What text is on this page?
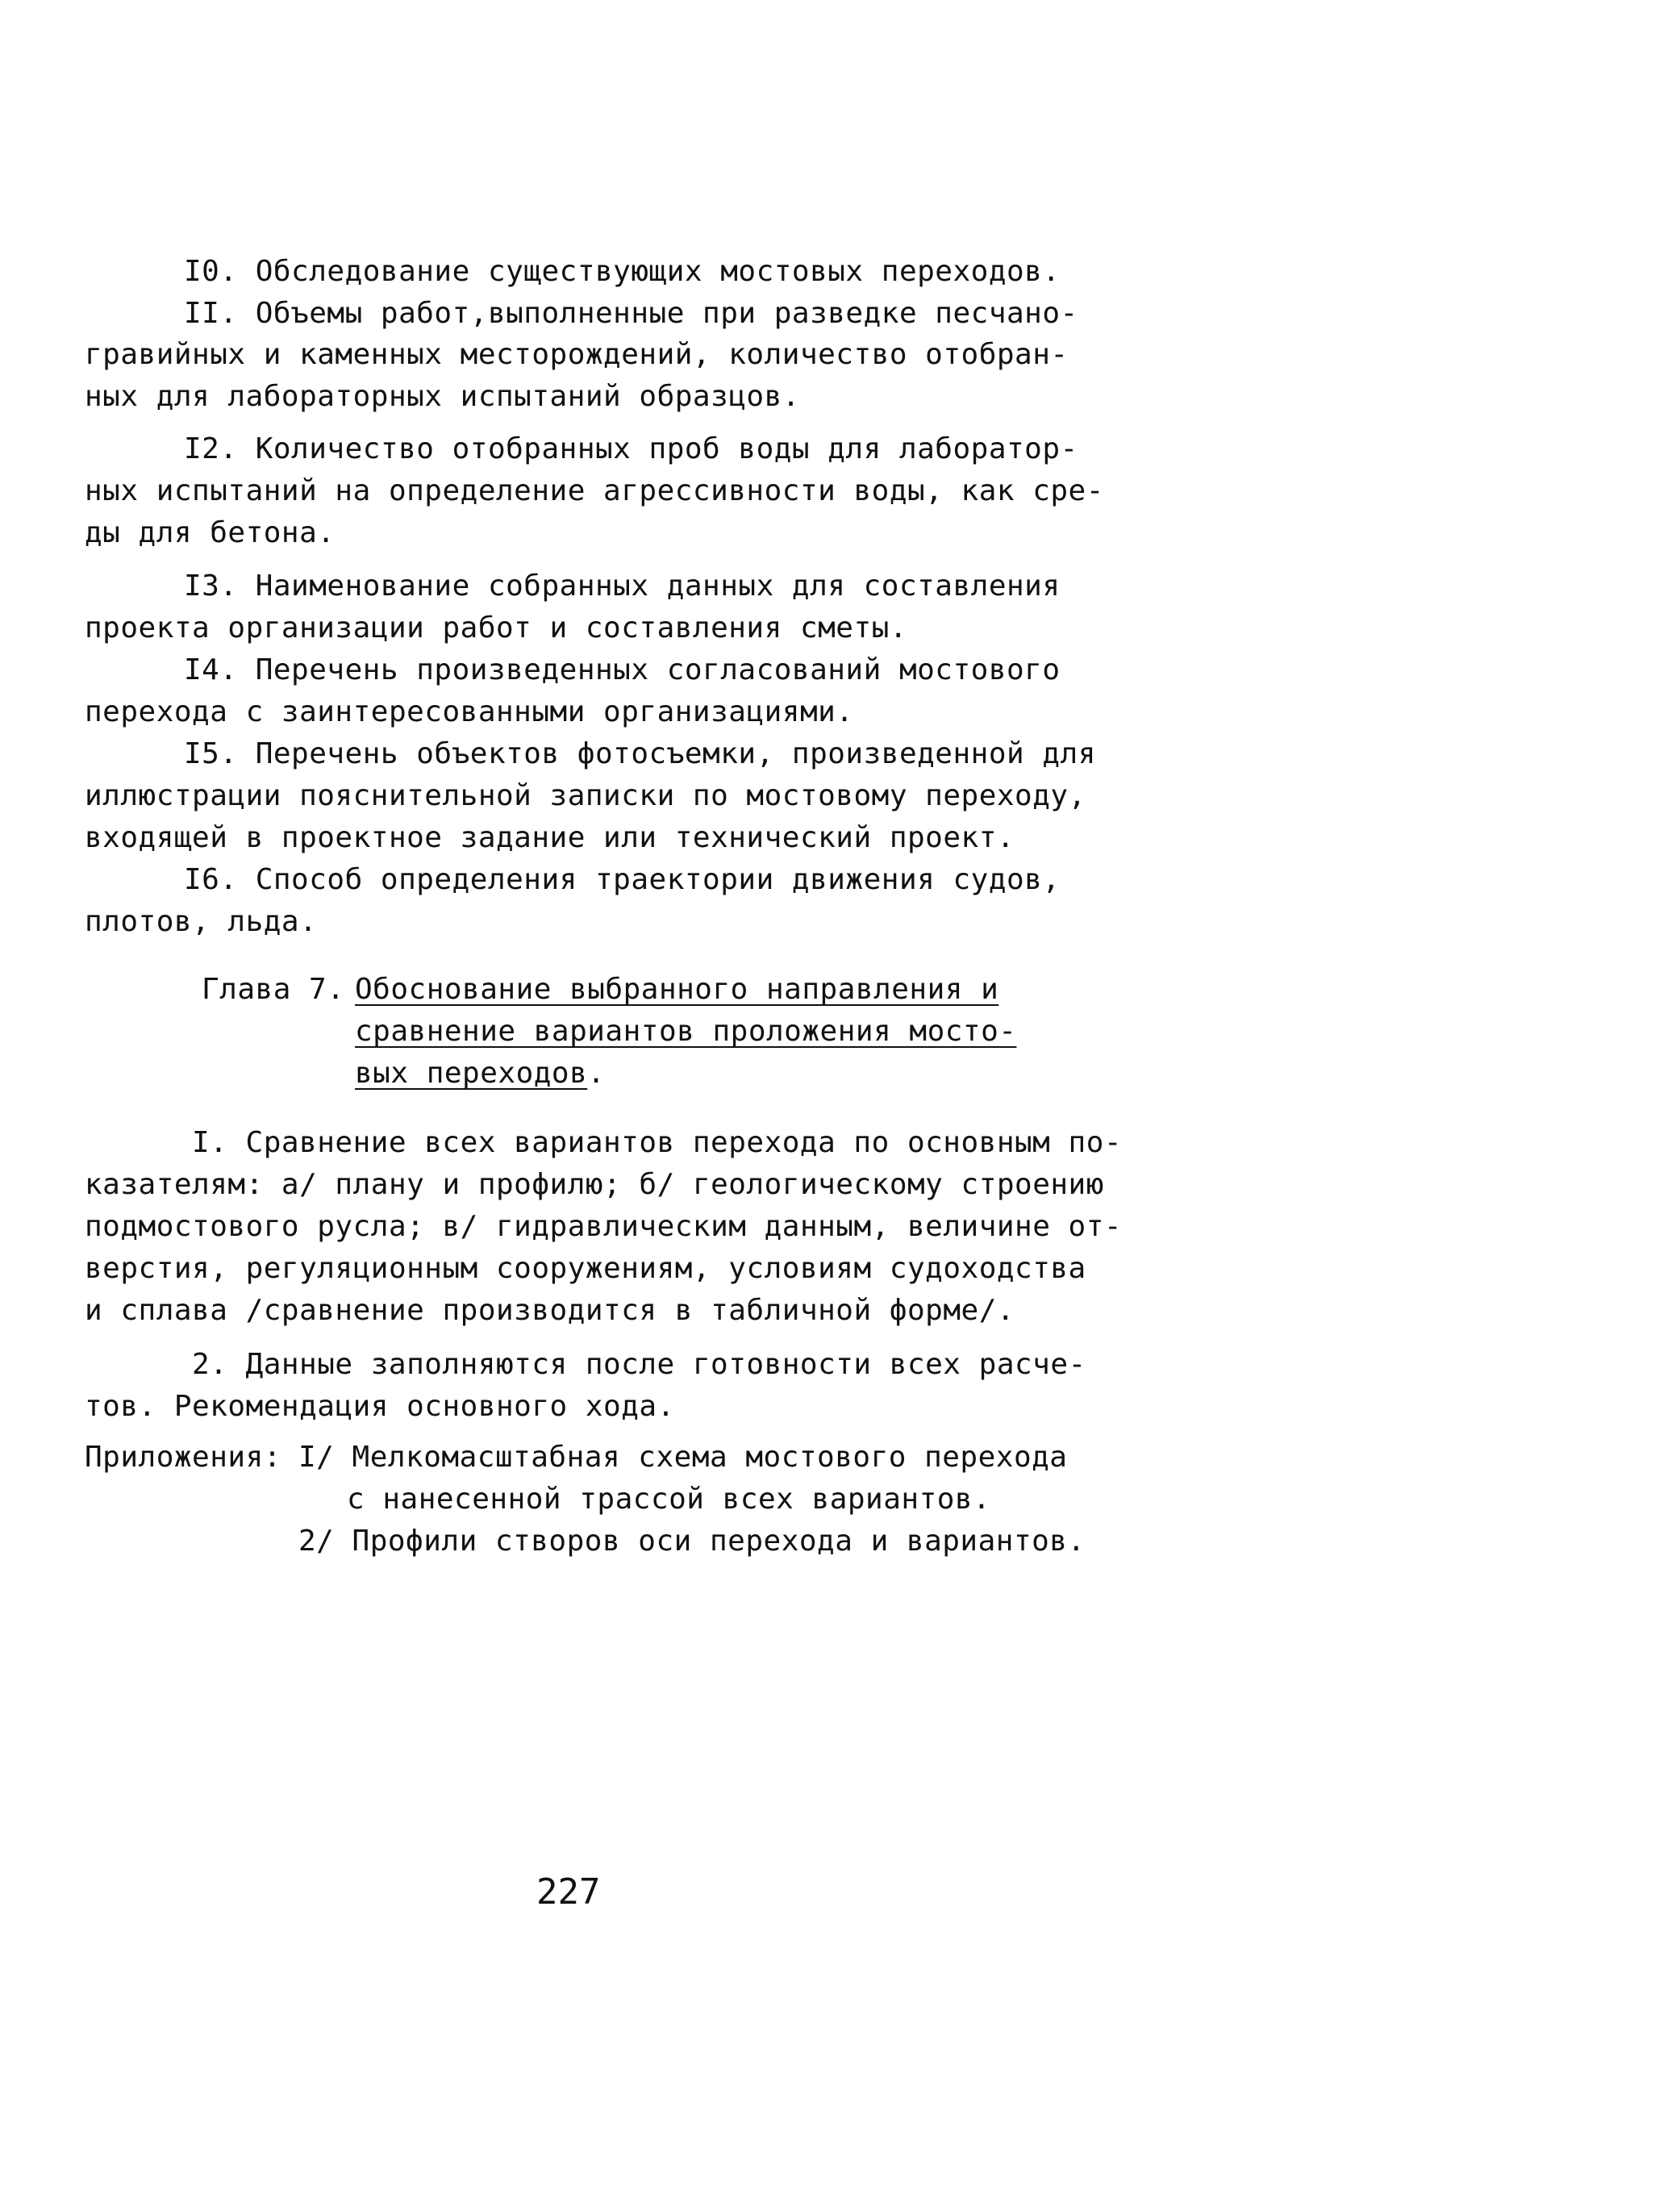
I0. Обследование существующих мостовых переходов.
II. Объемы работ,выполненные при разведке песчано-
гравийных и каменных месторождений, количество отобран-
ных для лабораторных испытаний образцов.
I2. Количество отобранных проб воды для лаборатор-
ных испытаний на определение агрессивности воды, как сре-
ды для бетона.
I3. Наименование собранных данных для составления
проекта организации работ и составления сметы.
I4. Перечень произведенных согласований мостового
перехода с заинтересованными организациями.
I5. Перечень объектов фотосъемки, произведенной для
иллюстрации пояснительной записки по мостовому переходу,
входящей в проектное задание или технический проект.
I6. Способ определения траектории движения судов,
плотов, льда.
Глава 7. Обоснование выбранного направления и
сравнение вариантов проложения мосто-
вых переходов.
I. Сравнение всех вариантов перехода по основным по-
казателям: а/ плану и профилю; б/ геологическому строению
подмостового русла; в/ гидравлическим данным, величине от-
верстия, регуляционным сооружениям, условиям судоходства
и сплава /сравнение производится в табличной форме/.
2. Данные заполняются после готовности всех расче-
тов. Рекомендация основного хода.
Приложения: I/ Мелкомасштабная схема мостового перехода
с нанесенной трассой всех вариантов.
2/ Профили створов оси перехода и вариантов.
227
